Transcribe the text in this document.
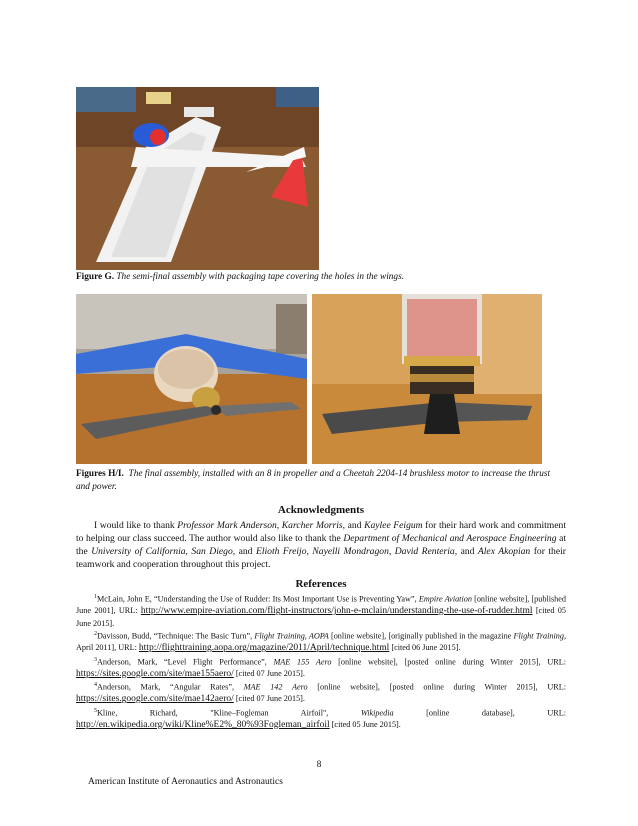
Figure G. The semi-final assembly with packaging tape covering the holes in the wings.

Figures H/I. The final assembly, installed with an 8 in propeller and a Cheetah 2204-14 brushless motor to increase the thrust and power.

Acknowledgments

I would like to thank Professor Mark Anderson, Karcher Morris, and Kaylee Feigum for their hard work and commitment to helping our class succeed. The author would also like to thank the Department of Mechanical and Aerospace Engineering at the University of California, San Diego, and Elioth Freijo, Nayelli Mondragon, David Renteria, and Alex Akopian for their teamwork and cooperation throughout this project.

References

$^1$McLain, John E, “Understanding the Use of Rudder: Its Most Important Use is Preventing Yaw”, Empire Aviation [online website], [published June 2001], URL: http://www.empire-aviation.com/flight-instructors/john-e-mclain/understanding-the-use-of-rudder.html [cited 05 June 2015].

$^2$Davisson, Budd, “Technique: The Basic Turn”, Flight Training, AOPA [online website], [originally published in the magazine Flight Training, April 2011], URL: http://flighttraining.aopa.org/magazine/2011/April/technique.html [cited 06 June 2015].

$^3$Anderson, Mark, “Level Flight Performance”, MAE 155 Aero [online website], [posted online during Winter 2015], URL: https://sites.google.com/site/mae155aero/ [cited 07 June 2015].

$^4$Anderson, Mark, “Angular Rates”, MAE 142 Aero [online website], [posted online during Winter 2015], URL: https://sites.google.com/site/mae142aero/ [cited 07 June 2015].

$^5$Kline, Richard, "Kline–Fogleman Airfoil", Wikipedia [online database], URL: http://en.wikipedia.org/wiki/Kline%E2%_80%93Fogleman_airfoil [cited 05 June 2015].

8

American Institute of Aeronautics and Astronautics
